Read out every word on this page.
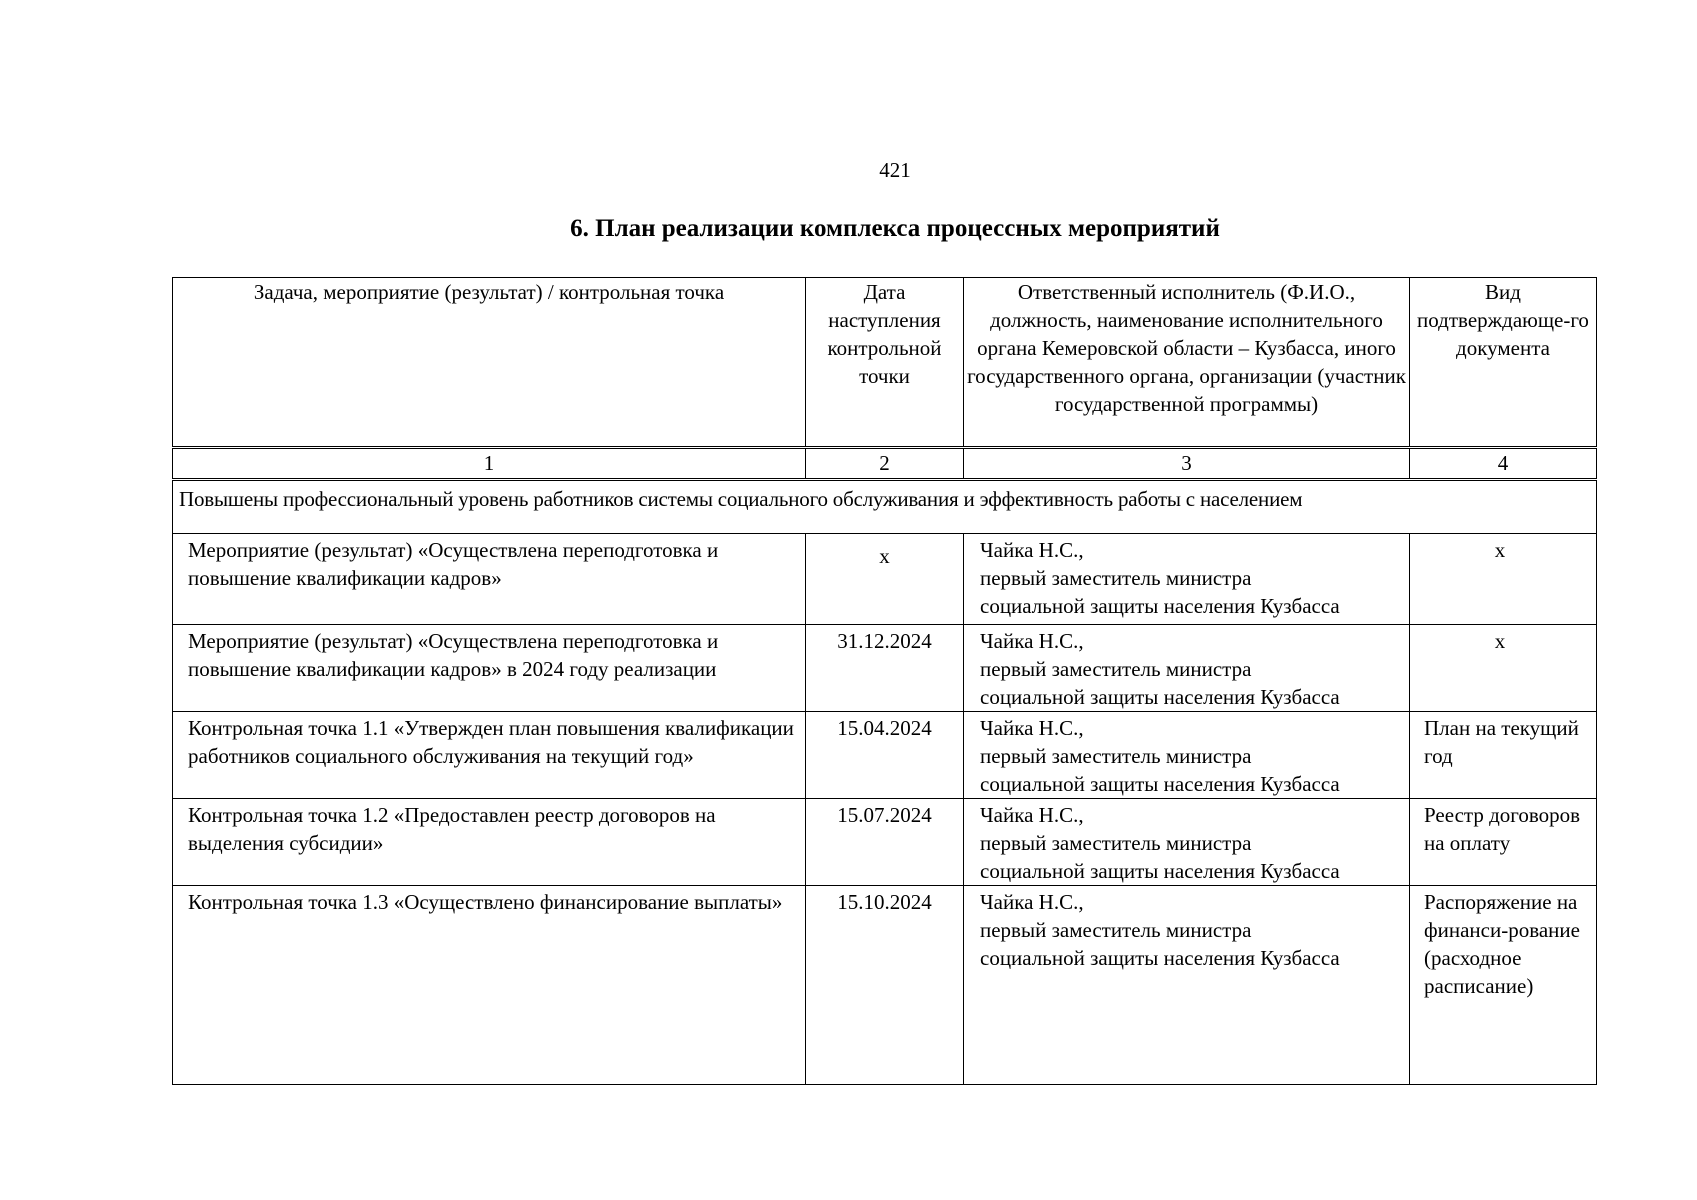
421
6. План реализации комплекса процессных мероприятий
Задача, мероприятие (результат) / контрольная точка	Дата наступления контрольной точки	Ответственный исполнитель (Ф.И.О., должность, наименование исполнительного органа Кемеровской области – Кузбасса, иного государственного органа, организации (участник государственной программы)	Вид подтверждающе-го документа
1	2	3	4
Повышены профессиональный уровень работников системы социального обслуживания и эффективность работы с населением			
Мероприятие (результат) «Осуществлена переподготовка и повышение квалификации кадров»	х	Чайка Н.С.,
первый заместитель министра
социальной защиты населения Кузбасса	х
Мероприятие (результат) «Осуществлена переподготовка и повышение квалификации кадров» в 2024 году реализации	31.12.2024	Чайка Н.С.,
первый заместитель министра
социальной защиты населения Кузбасса	х
Контрольная точка 1.1 «Утвержден план повышения квалификации работников социального обслуживания на текущий год»	15.04.2024	Чайка Н.С.,
первый заместитель министра
социальной защиты населения Кузбасса	План на текущий год
Контрольная точка 1.2 «Предоставлен реестр договоров на выделения субсидии»	15.07.2024	Чайка Н.С.,
первый заместитель министра
социальной защиты населения Кузбасса	Реестр договоров на оплату
Контрольная точка 1.3 «Осуществлено финансирование выплаты»	15.10.2024	Чайка Н.С.,
первый заместитель министра
социальной защиты населения Кузбасса	Распоряжение на финанси-рование (расходное расписание)
